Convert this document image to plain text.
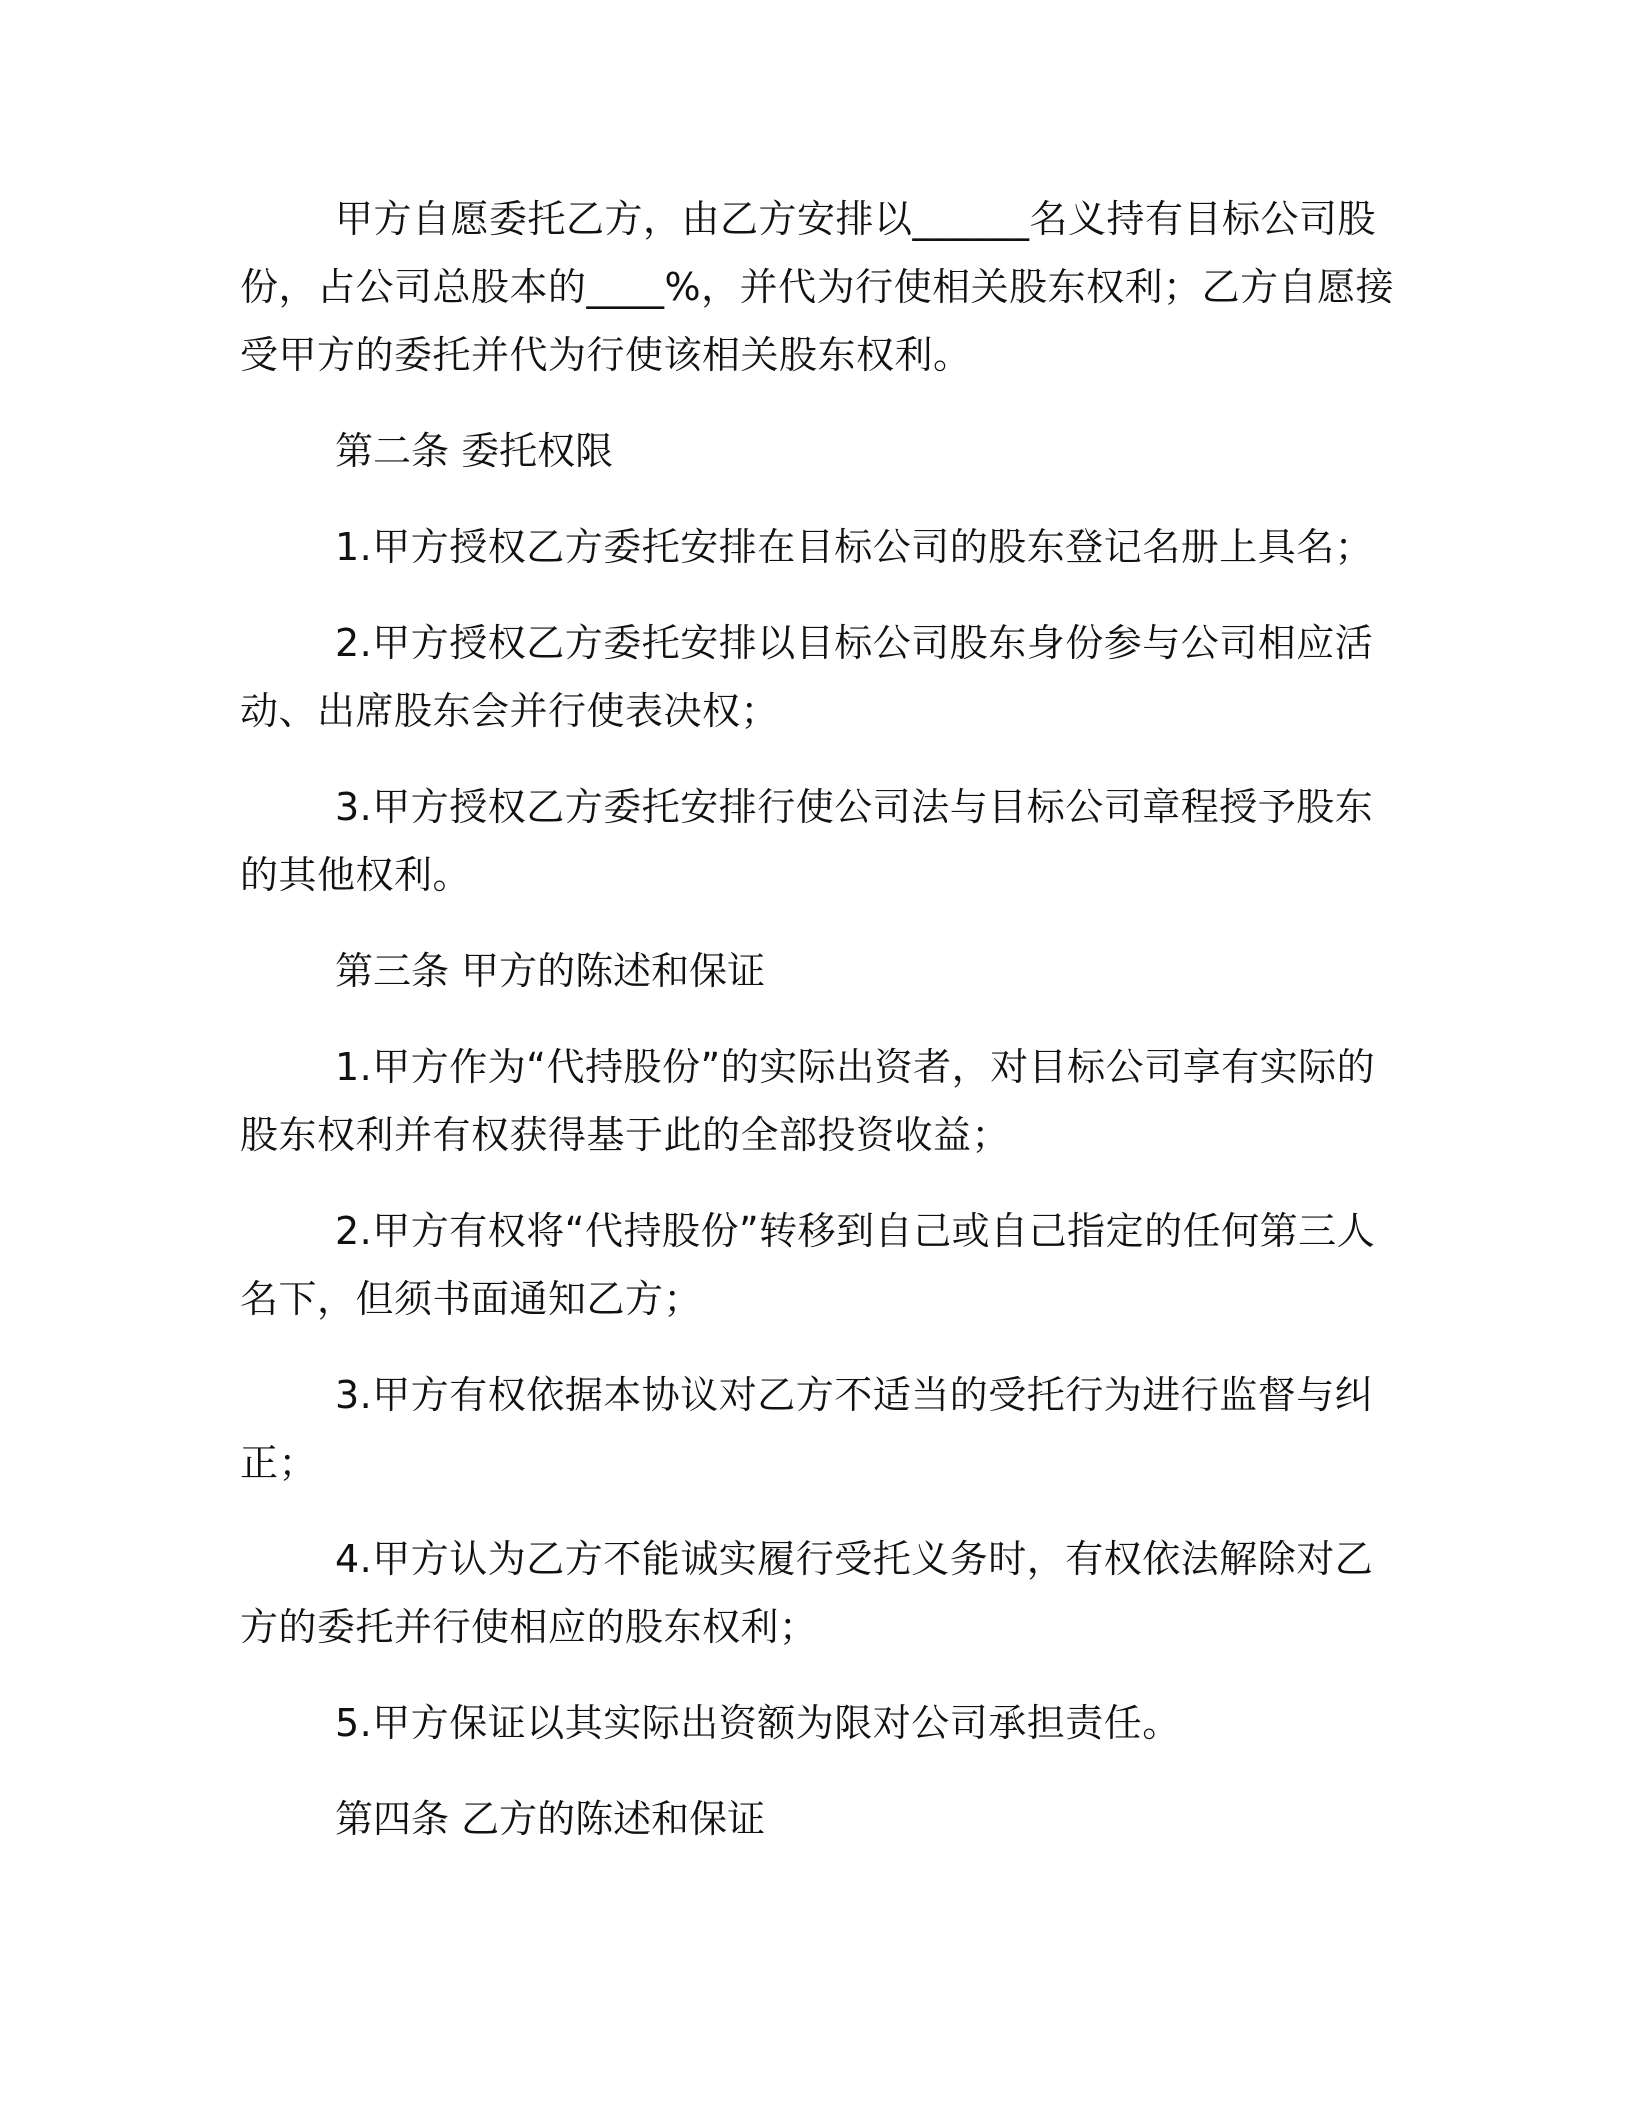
甲方自愿委托乙方，由乙方安排以______名义持有目标公司股份，占公司总股本的____%，并代为行使相关股东权利；乙方自愿接受甲方的委托并代为行使该相关股东权利。

第二条 委托权限

1.甲方授权乙方委托安排在目标公司的股东登记名册上具名；

2.甲方授权乙方委托安排以目标公司股东身份参与公司相应活动、出席股东会并行使表决权；

3.甲方授权乙方委托安排行使公司法与目标公司章程授予股东的其他权利。

第三条 甲方的陈述和保证

1.甲方作为“代持股份”的实际出资者，对目标公司享有实际的股东权利并有权获得基于此的全部投资收益；

2.甲方有权将“代持股份”转移到自己或自己指定的任何第三人名下，但须书面通知乙方；

3.甲方有权依据本协议对乙方不适当的受托行为进行监督与纠正；

4.甲方认为乙方不能诚实履行受托义务时，有权依法解除对乙方的委托并行使相应的股东权利；

5.甲方保证以其实际出资额为限对公司承担责任。

第四条 乙方的陈述和保证
